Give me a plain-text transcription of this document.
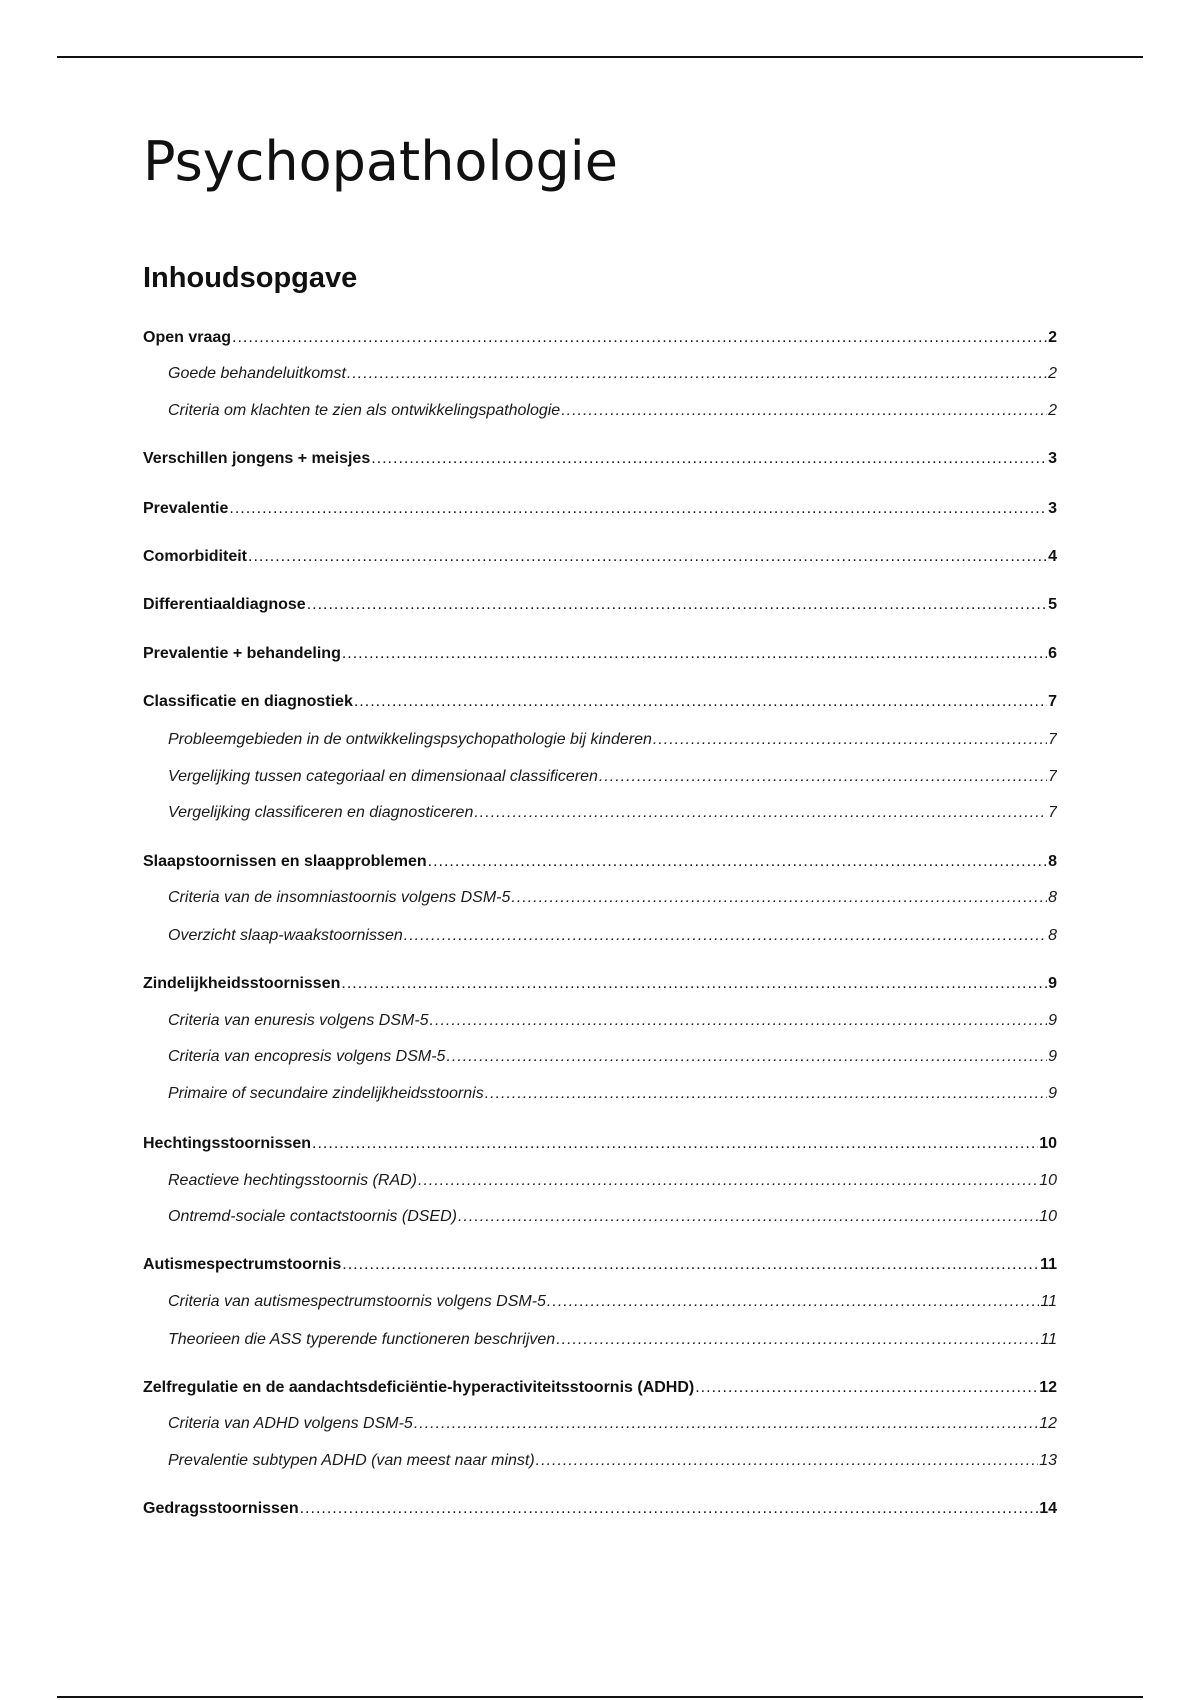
Psychopathologie
Inhoudsopgave
Open vraag .....	2
Goede behandeluitkomst .....	2
Criteria om klachten te zien als ontwikkelingspathologie .....	2
Verschillen jongens + meisjes .....	3
Prevalentie .....	3
Comorbiditeit .....	4
Differentiaaldiagnose .....	5
Prevalentie + behandeling .....	6
Classificatie en diagnostiek .....	7
Probleemgebieden in de ontwikkelingspsychopathologie bij kinderen .....	7
Vergelijking tussen categoriaal en dimensionaal classificeren .....	7
Vergelijking classificeren en diagnosticeren .....	7
Slaapstoornissen en slaapproblemen .....	8
Criteria van de insomniastoornis volgens DSM-5 .....	8
Overzicht slaap-waakstoornissen .....	8
Zindelijkheidsstoornissen .....	9
Criteria van enuresis volgens DSM-5 .....	9
Criteria van encopresis volgens DSM-5 .....	9
Primaire of secundaire zindelijkheidsstoornis .....	9
Hechtingsstoornissen .....	10
Reactieve hechtingsstoornis (RAD) .....	10
Ontremd-sociale contactstoornis (DSED) .....	10
Autismespectrumstoornis .....	11
Criteria van autismespectrumstoornis volgens DSM-5 .....	11
Theorieen die ASS typerende functioneren beschrijven .....	11
Zelfregulatie en de aandachtsdeficiëntie-hyperactiviteitsstoornis (ADHD) .....	12
Criteria van ADHD volgens DSM-5 .....	12
Prevalentie subtypen ADHD (van meest naar minst) .....	13
Gedragsstoornissen .....	14
